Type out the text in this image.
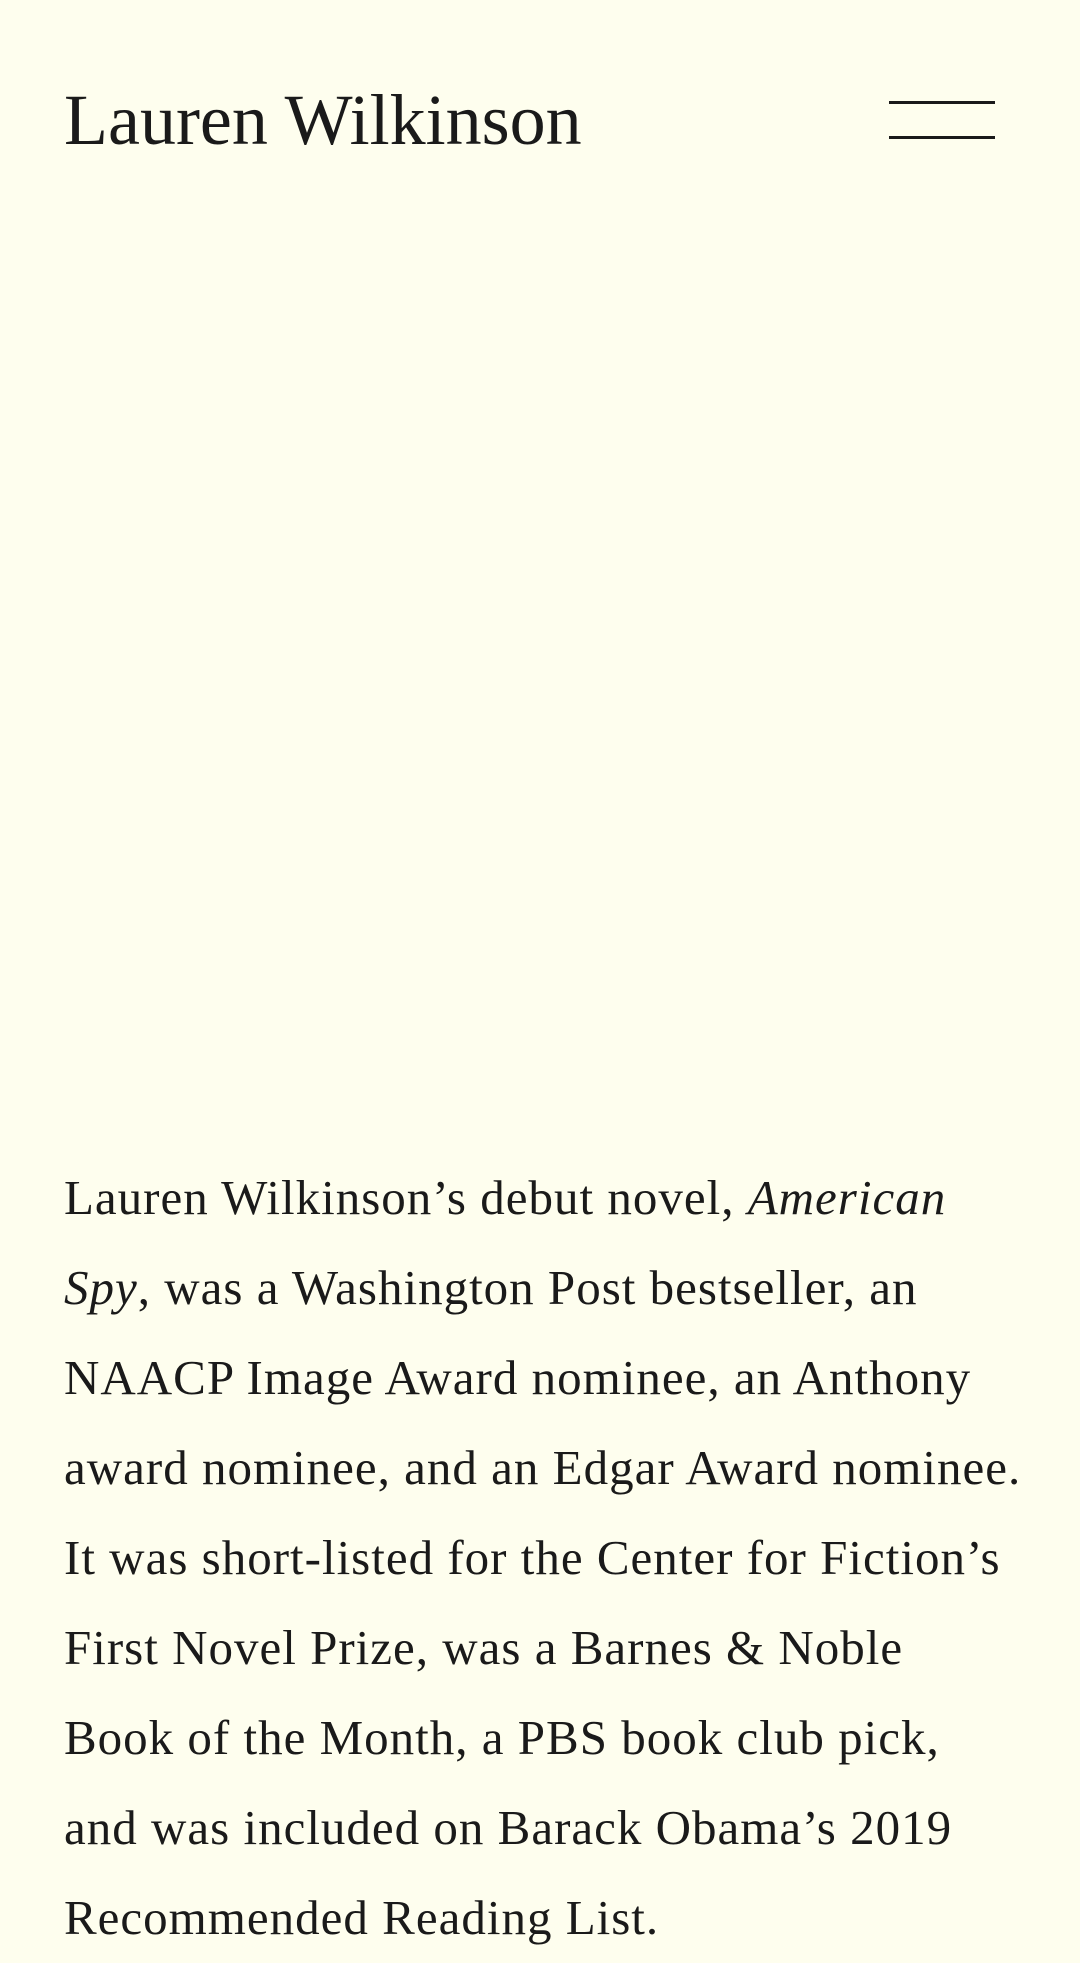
Lauren Wilkinson

Lauren Wilkinson’s debut novel, American Spy, was a Washington Post bestseller, an NAACP Image Award nominee, an Anthony award nominee, and an Edgar Award nominee. It was short-listed for the Center for Fiction’s First Novel Prize, was a Barnes & Noble Book of the Month, a PBS book club pick, and was included on Barack Obama’s 2019 Recommended Reading List.
